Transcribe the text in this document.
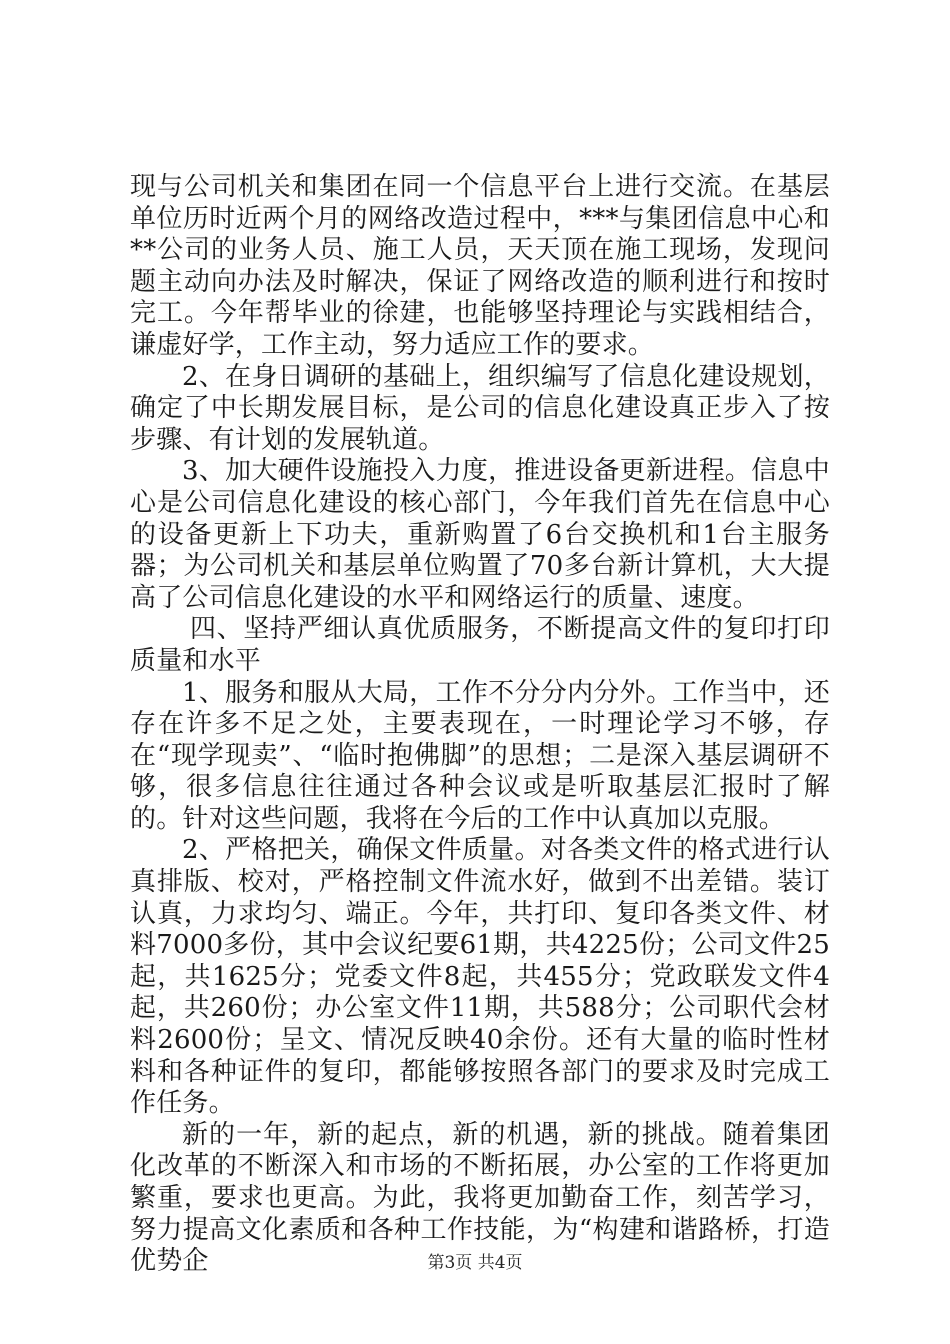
现与公司机关和集团在同一个信息平台上进行交流。在基层单位历时近两个月的网络改造过程中，***与集团信息中心和**公司的业务人员、施工人员，天天顶在施工现场，发现问题主动向办法及时解决，保证了网络改造的顺利进行和按时完工。今年帮毕业的徐建，也能够坚持理论与实践相结合，谦虚好学，工作主动，努力适应工作的要求。

2、在身日调研的基础上，组织编写了信息化建设规划，确定了中长期发展目标，是公司的信息化建设真正步入了按步骤、有计划的发展轨道。

3、加大硬件设施投入力度，推进设备更新进程。信息中心是公司信息化建设的核心部门，今年我们首先在信息中心的设备更新上下功夫，重新购置了6台交换机和1台主服务器；为公司机关和基层单位购置了70多台新计算机，大大提高了公司信息化建设的水平和网络运行的质量、速度。

四、坚持严细认真优质服务，不断提高文件的复印打印质量和水平

1、服务和服从大局，工作不分分内分外。工作当中，还存在许多不足之处，主要表现在，一时理论学习不够，存在“现学现卖”、“临时抱佛脚”的思想；二是深入基层调研不够，很多信息往往通过各种会议或是听取基层汇报时了解的。针对这些问题，我将在今后的工作中认真加以克服。

2、严格把关，确保文件质量。对各类文件的格式进行认真排版、校对，严格控制文件流水好，做到不出差错。装订认真，力求均匀、端正。今年，共打印、复印各类文件、材料7000多份，其中会议纪要61期，共4225份；公司文件25起，共1625分；党委文件8起，共455分；党政联发文件4起，共260份；办公室文件11期，共588分；公司职代会材料2600份；呈文、情况反映40余份。还有大量的临时性材料和各种证件的复印，都能够按照各部门的要求及时完成工作任务。

新的一年，新的起点，新的机遇，新的挑战。随着集团化改革的不断深入和市场的不断拓展，办公室的工作将更加繁重，要求也更高。为此，我将更加勤奋工作，刻苦学习，努力提高文化素质和各种工作技能，为“构建和谐路桥，打造优势企	第3页 共4页
